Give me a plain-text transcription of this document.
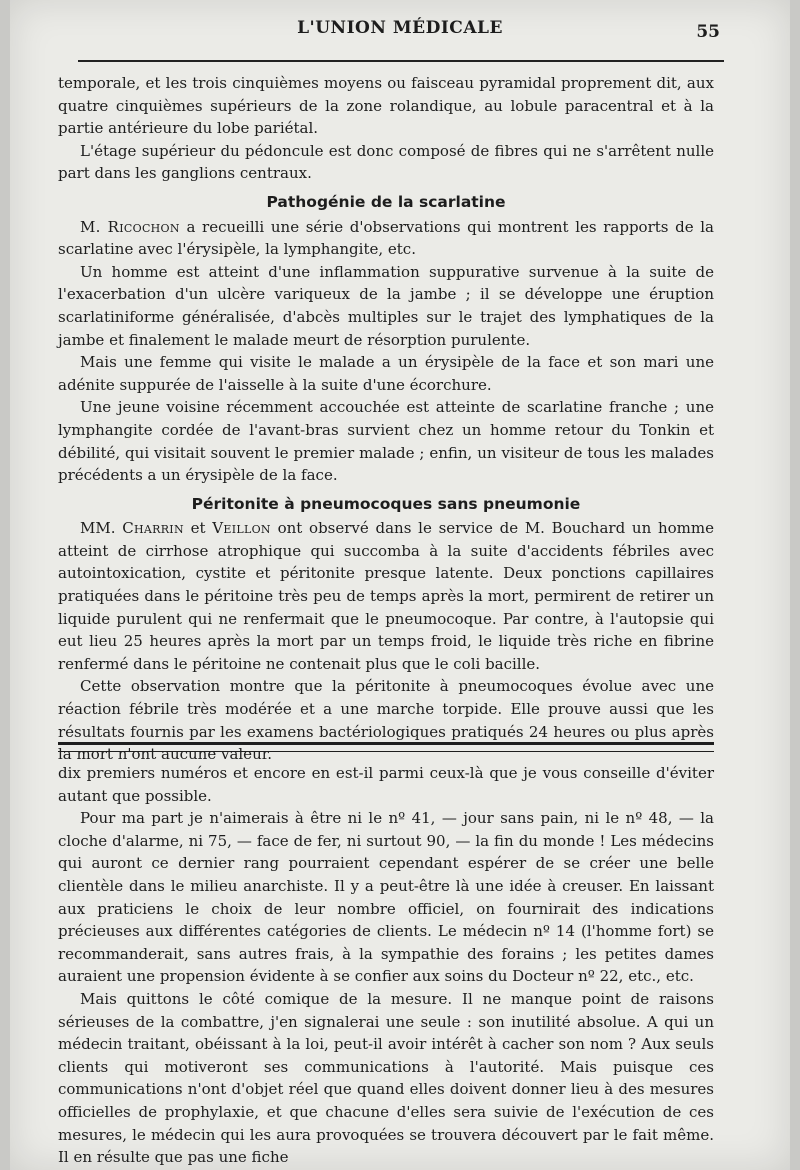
L'UNION MÉDICALE	55

temporale, et les trois cinquièmes moyens ou faisceau pyramidal proprement dit, aux quatre cinquièmes supérieurs de la zone rolandique, au lobule paracentral et à la partie antérieure du lobe pariétal.

L'étage supérieur du pédoncule est donc composé de fibres qui ne s'arrêtent nulle part dans les ganglions centraux.

Pathogénie de la scarlatine

M. Ricochon a recueilli une série d'observations qui montrent les rapports de la scarlatine avec l'érysipèle, la lymphangite, etc.

Un homme est atteint d'une inflammation suppurative survenue à la suite de l'exacerbation d'un ulcère variqueux de la jambe ; il se développe une éruption scarlatiniforme généralisée, d'abcès multiples sur le trajet des lymphatiques de la jambe et finalement le malade meurt de résorption purulente.

Mais une femme qui visite le malade a un érysipèle de la face et son mari une adénite suppurée de l'aisselle à la suite d'une écorchure.

Une jeune voisine récemment accouchée est atteinte de scarlatine franche ; une lymphangite cordée de l'avant-bras survient chez un homme retour du Tonkin et débilité, qui visitait souvent le premier malade ; enfin, un visiteur de tous les malades précédents a un érysipèle de la face.

Péritonite à pneumocoques sans pneumonie

MM. Charrin et Veillon ont observé dans le service de M. Bouchard un homme atteint de cirrhose atrophique qui succomba à la suite d'accidents fébriles avec autointoxication, cystite et péritonite presque latente. Deux ponctions capillaires pratiquées dans le péritoine très peu de temps après la mort, permirent de retirer un liquide purulent qui ne renfermait que le pneumocoque. Par contre, à l'autopsie qui eut lieu 25 heures après la mort par un temps froid, le liquide très riche en fibrine renfermé dans le péritoine ne contenait plus que le coli bacille.

Cette observation montre que la péritonite à pneumocoques évolue avec une réaction fébrile très modérée et a une marche torpide. Elle prouve aussi que les résultats fournis par les examens bactériologiques pratiqués 24 heures ou plus après la mort n'ont aucune valeur.

dix premiers numéros et encore en est-il parmi ceux-là que je vous conseille d'éviter autant que possible.

Pour ma part je n'aimerais à être ni le nº 41, — jour sans pain, ni le nº 48, — la cloche d'alarme, ni 75, — face de fer, ni surtout 90, — la fin du monde ! Les médecins qui auront ce dernier rang pourraient cependant espérer de se créer une belle clientèle dans le milieu anarchiste. Il y a peut-être là une idée à creuser. En laissant aux praticiens le choix de leur nombre officiel, on fournirait des indications précieuses aux différentes catégories de clients. Le médecin nº 14 (l'homme fort) se recommanderait, sans autres frais, à la sympathie des forains ; les petites dames auraient une propension évidente à se confier aux soins du Docteur nº 22, etc., etc.

Mais quittons le côté comique de la mesure. Il ne manque point de raisons sérieuses de la combattre, j'en signalerai une seule : son inutilité absolue. A qui un médecin traitant, obéissant à la loi, peut-il avoir intérêt à cacher son nom ? Aux seuls clients qui motiveront ses communications à l'autorité. Mais puisque ces communications n'ont d'objet réel que quand elles doivent donner lieu à des mesures officielles de prophylaxie, et que chacune d'elles sera suivie de l'exécution de ces mesures, le médecin qui les aura provoquées se trouvera découvert par le fait même. Il en résulte que pas une fiche
